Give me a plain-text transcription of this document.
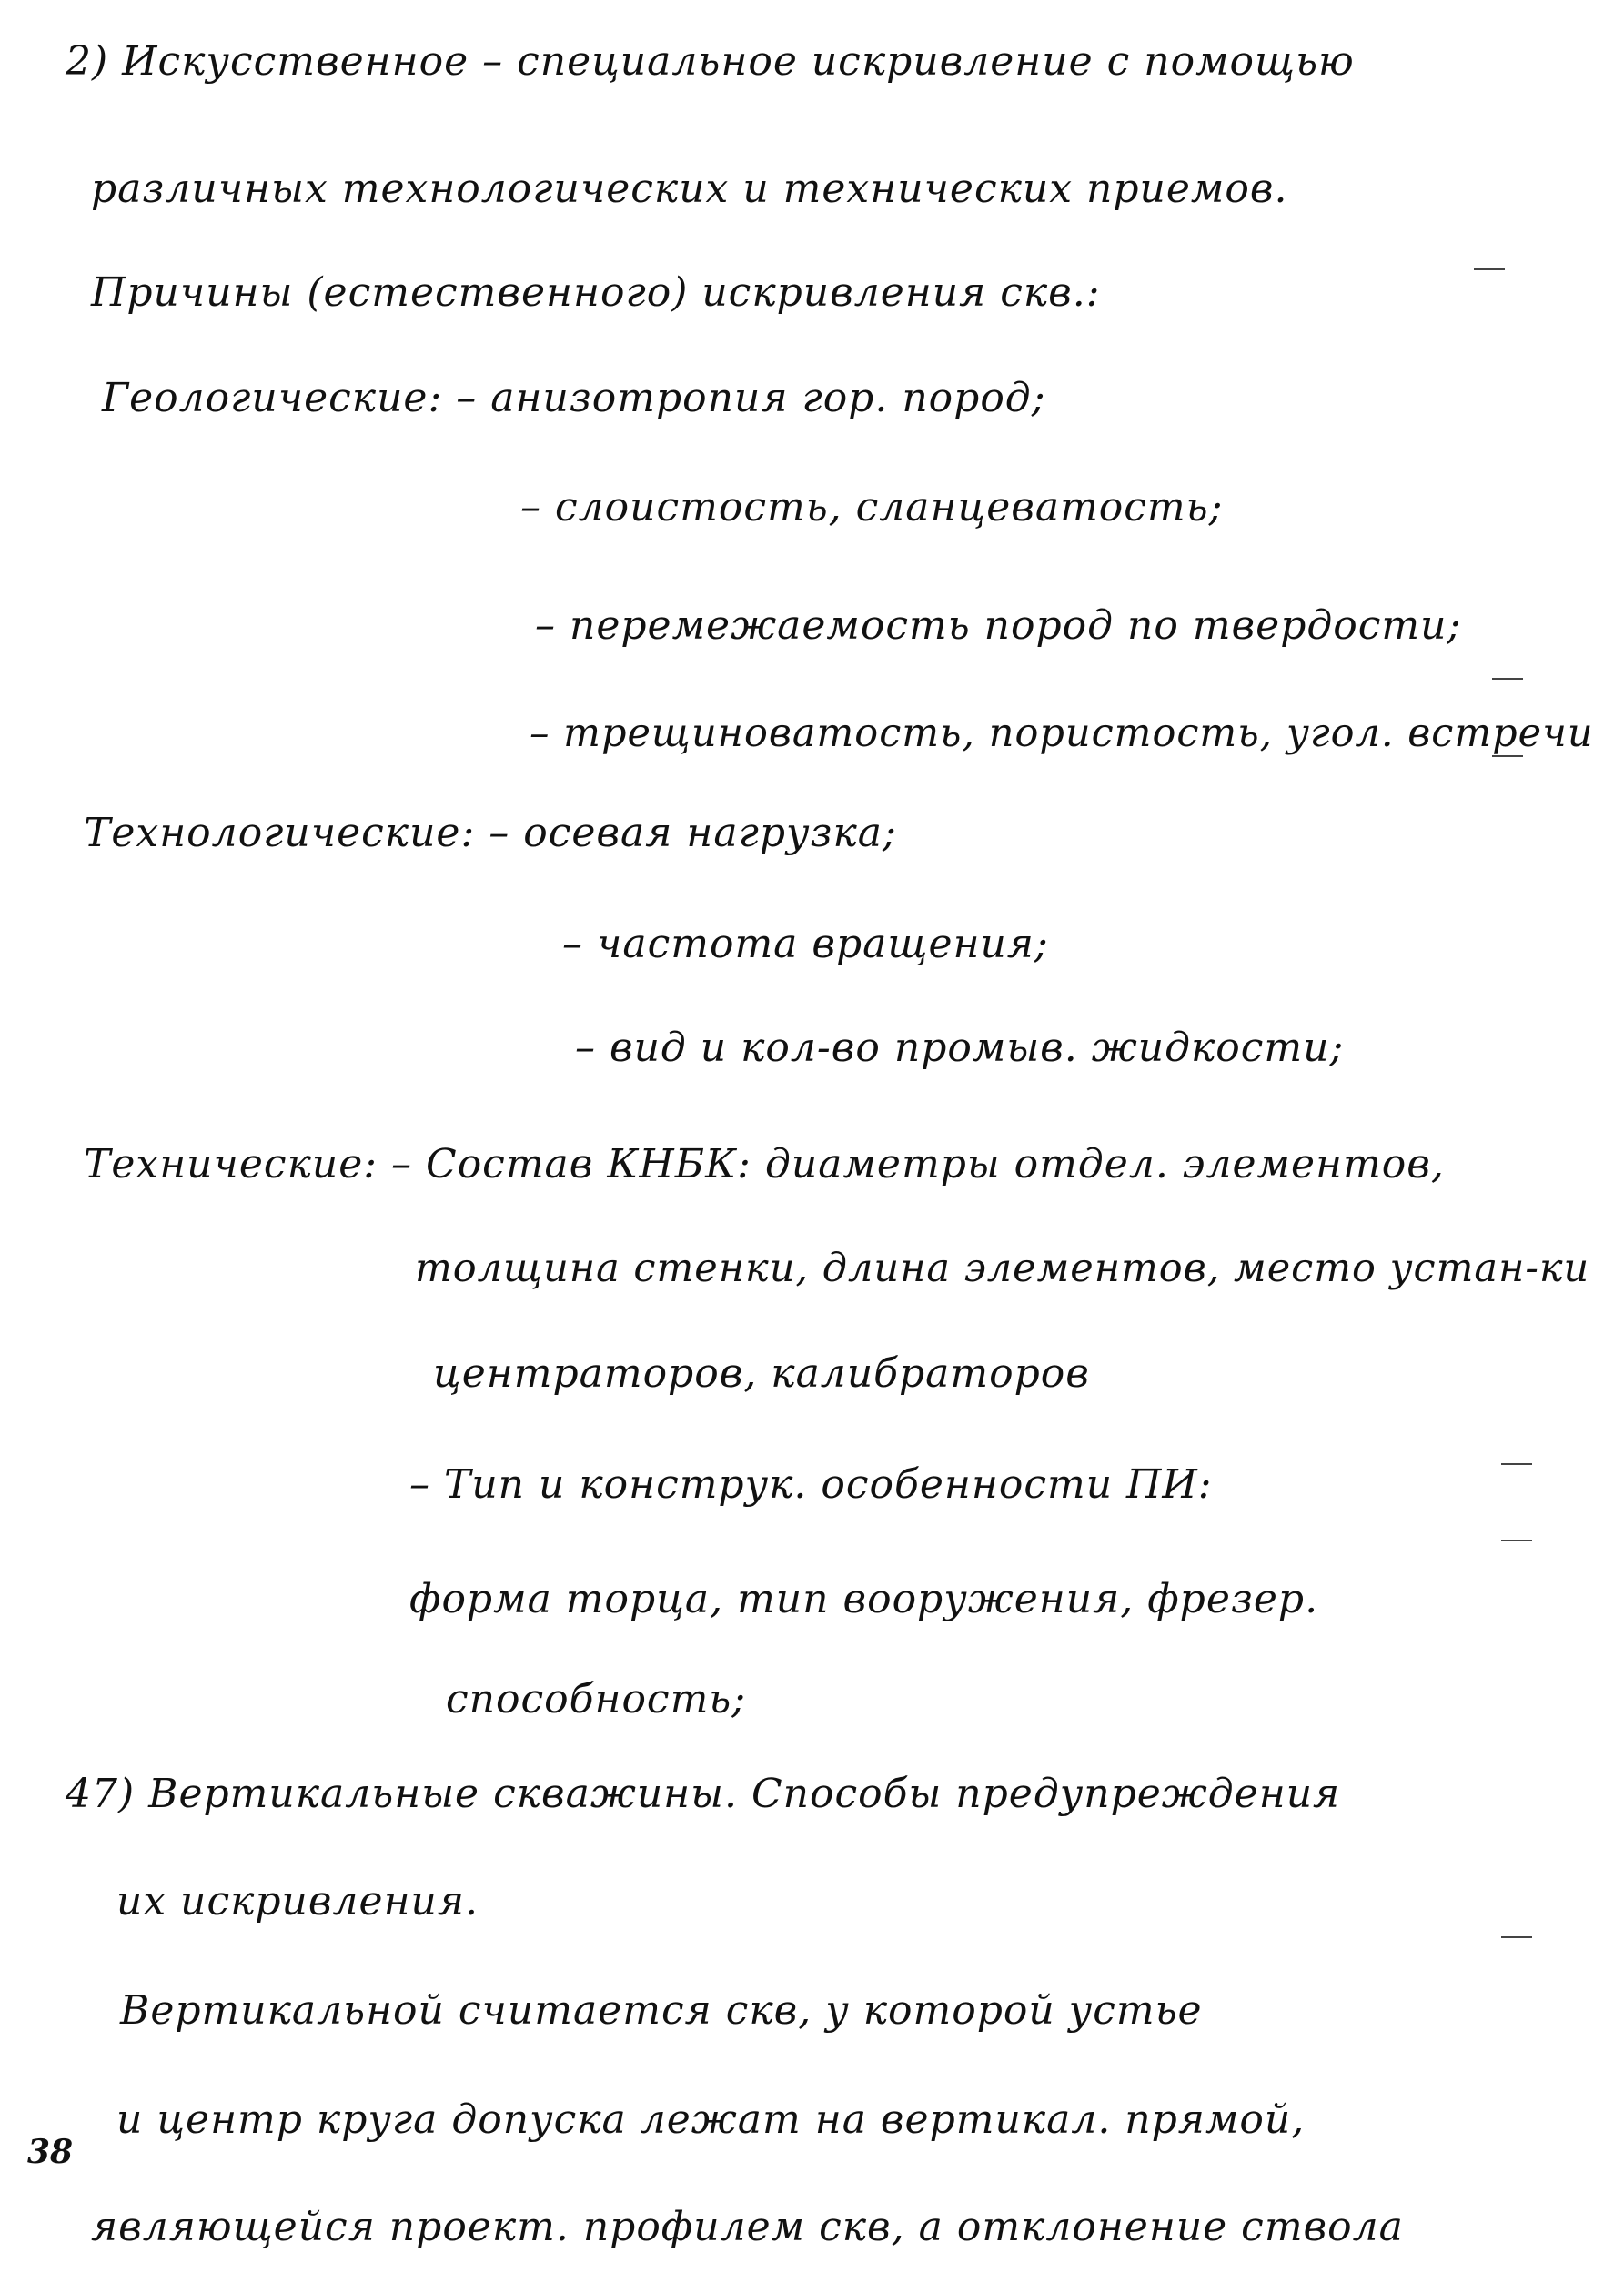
2) Искусственное – специальное искривление с помощью
различных технологических и технических приемов.
Причины (естественного) искривления скв.:
Геологические: – анизотропия гор. пород;
– слоистость, сланцеватость;
– перемежаемость пород по твердости;
– трещиноватость, пористость, угол. встречи
Технологические: – осевая нагрузка;
– частота вращения;
– вид и кол-во промыв. жидкости;
Технические: – Состав КНБК: диаметры отдел. элементов,
толщина стенки, длина элементов, место устан-ки
центраторов, калибраторов
– Тип и конструк. особенности ПИ:
форма торца, тип вооружения, фрезер.
способность;
47) Вертикальные скважины. Способы предупреждения
их искривления.
Вертикальной считается скв, у которой устье
и центр круга допуска лежат на вертикал. прямой,
являющейся проект. профилем скв, а отклонение ствола
38
